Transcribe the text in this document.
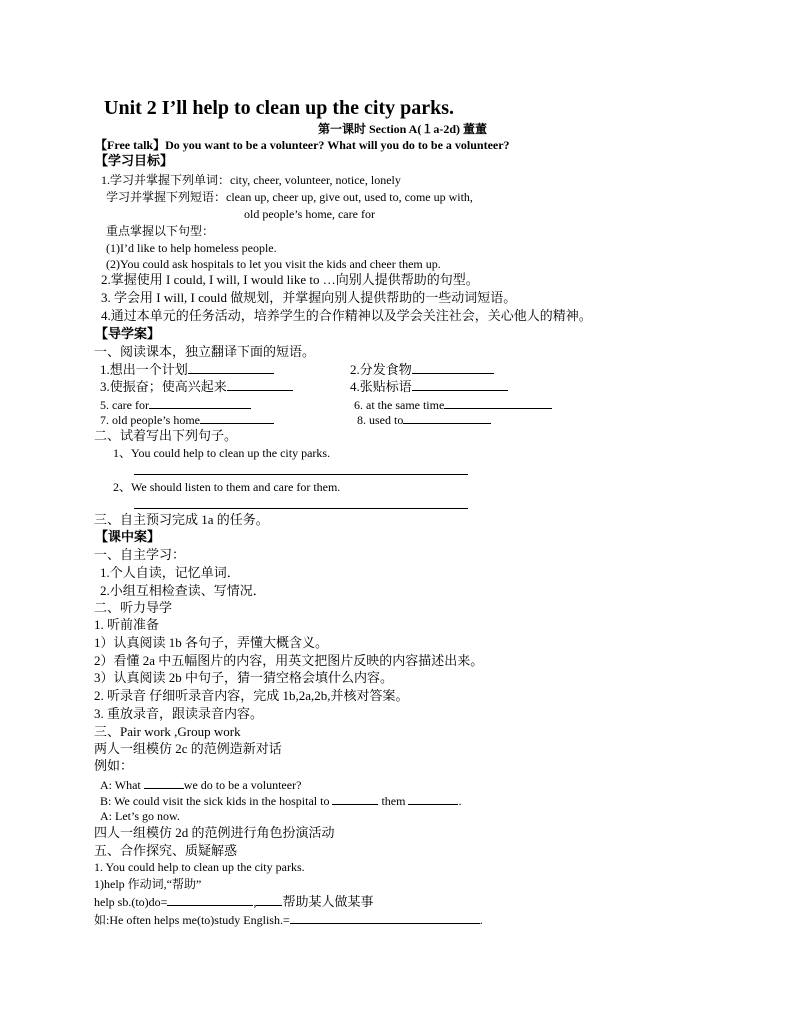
Unit 2 I’ll help to clean up the city parks.
第一课时 Section A(１a-2d) 董董
【Free talk】Do you want to be a volunteer? What will you do to be a volunteer?
【学习目标】
1.学习并掌握下列单词：city, cheer, volunteer, notice, lonely
学习并掌握下列短语：clean up, cheer up, give out, used to, come up with,
old people’s home, care for
重点掌握以下句型：
(1)I’d like to help homeless people.
(2)You could ask hospitals to let you visit the kids and cheer them up.
2.掌握使用 I could, I will, I would like to …向别人提供帮助的句型。
3. 学会用 I will, I could 做规划，并掌握向别人提供帮助的一些动词短语。
4.通过本单元的任务活动，培养学生的合作精神以及学会关注社会，关心他人的精神。
【导学案】
一、阅读课本，独立翻译下面的短语。
1.想出一个计划	2.分发食物
3.使振奋；使高兴起来	4.张贴标语
5. care for	6. at the same time
7. old people’s home	8. used to
二、试着写出下列句子。
1、You could help to clean up the city parks.
2、We should listen to them and care for them.
三、自主预习完成 1a 的任务。
【课中案】
一、自主学习：
1.个人自读，记忆单词．
2.小组互相检查读、写情况．
二、听力导学
1. 听前准备
1）认真阅读 1b 各句子，弄懂大概含义。
2）看懂 2a 中五幅图片的内容，用英文把图片反映的内容描述出来。
3）认真阅读 2b 中句子，猜一猜空格会填什么内容。
2. 听录音 仔细听录音内容，完成 1b,2a,2b,并核对答案。
3. 重放录音，跟读录音内容。
三、Pair work ,Group work
两人一组模仿 2c 的范例造新对话
例如：
A: What	we do to be a volunteer?
B: We could visit the sick kids in the hospital to	them	.
A: Let’s go now.
四人一组模仿 2d 的范例进行角色扮演活动
五、合作探究、质疑解惑
1. You could help to clean up the city parks.
1)help 作动词,“帮助”
help sb.(to)do=	, 帮助某人做某事
如:He often helps me(to)study English.=	.
